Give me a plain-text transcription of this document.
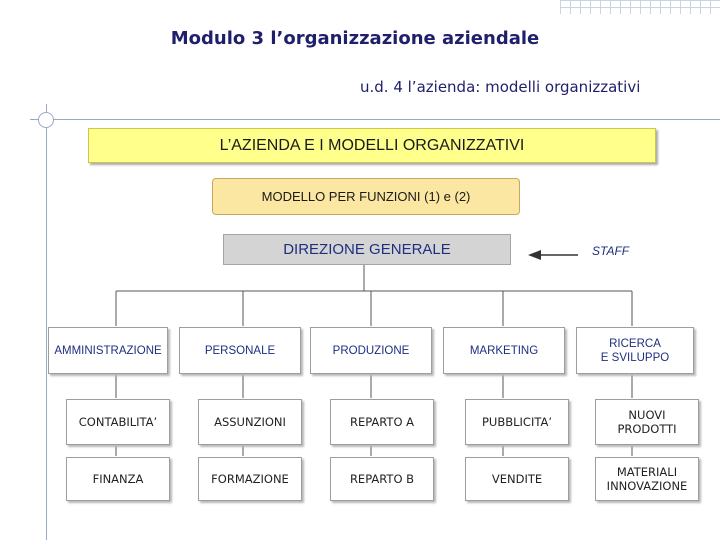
Modulo 3 l’organizzazione aziendale
u.d. 4 l’azienda: modelli organizzativi
L’AZIENDA E I MODELLI ORGANIZZATIVI
MODELLO PER FUNZIONI (1) e (2)
DIREZIONE GENERALE	STAFF
AMMINISTRAZIONE	PERSONALE	PRODUZIONE	MARKETING
RICERCA
E SVILUPPO
CONTABILITA’	ASSUNZIONI	REPARTO A	PUBBLICITA’	NUOVI
PRODOTTI
FINANZA	FORMAZIONE	REPARTO B	VENDITE	MATERIALI
INNOVAZIONE
